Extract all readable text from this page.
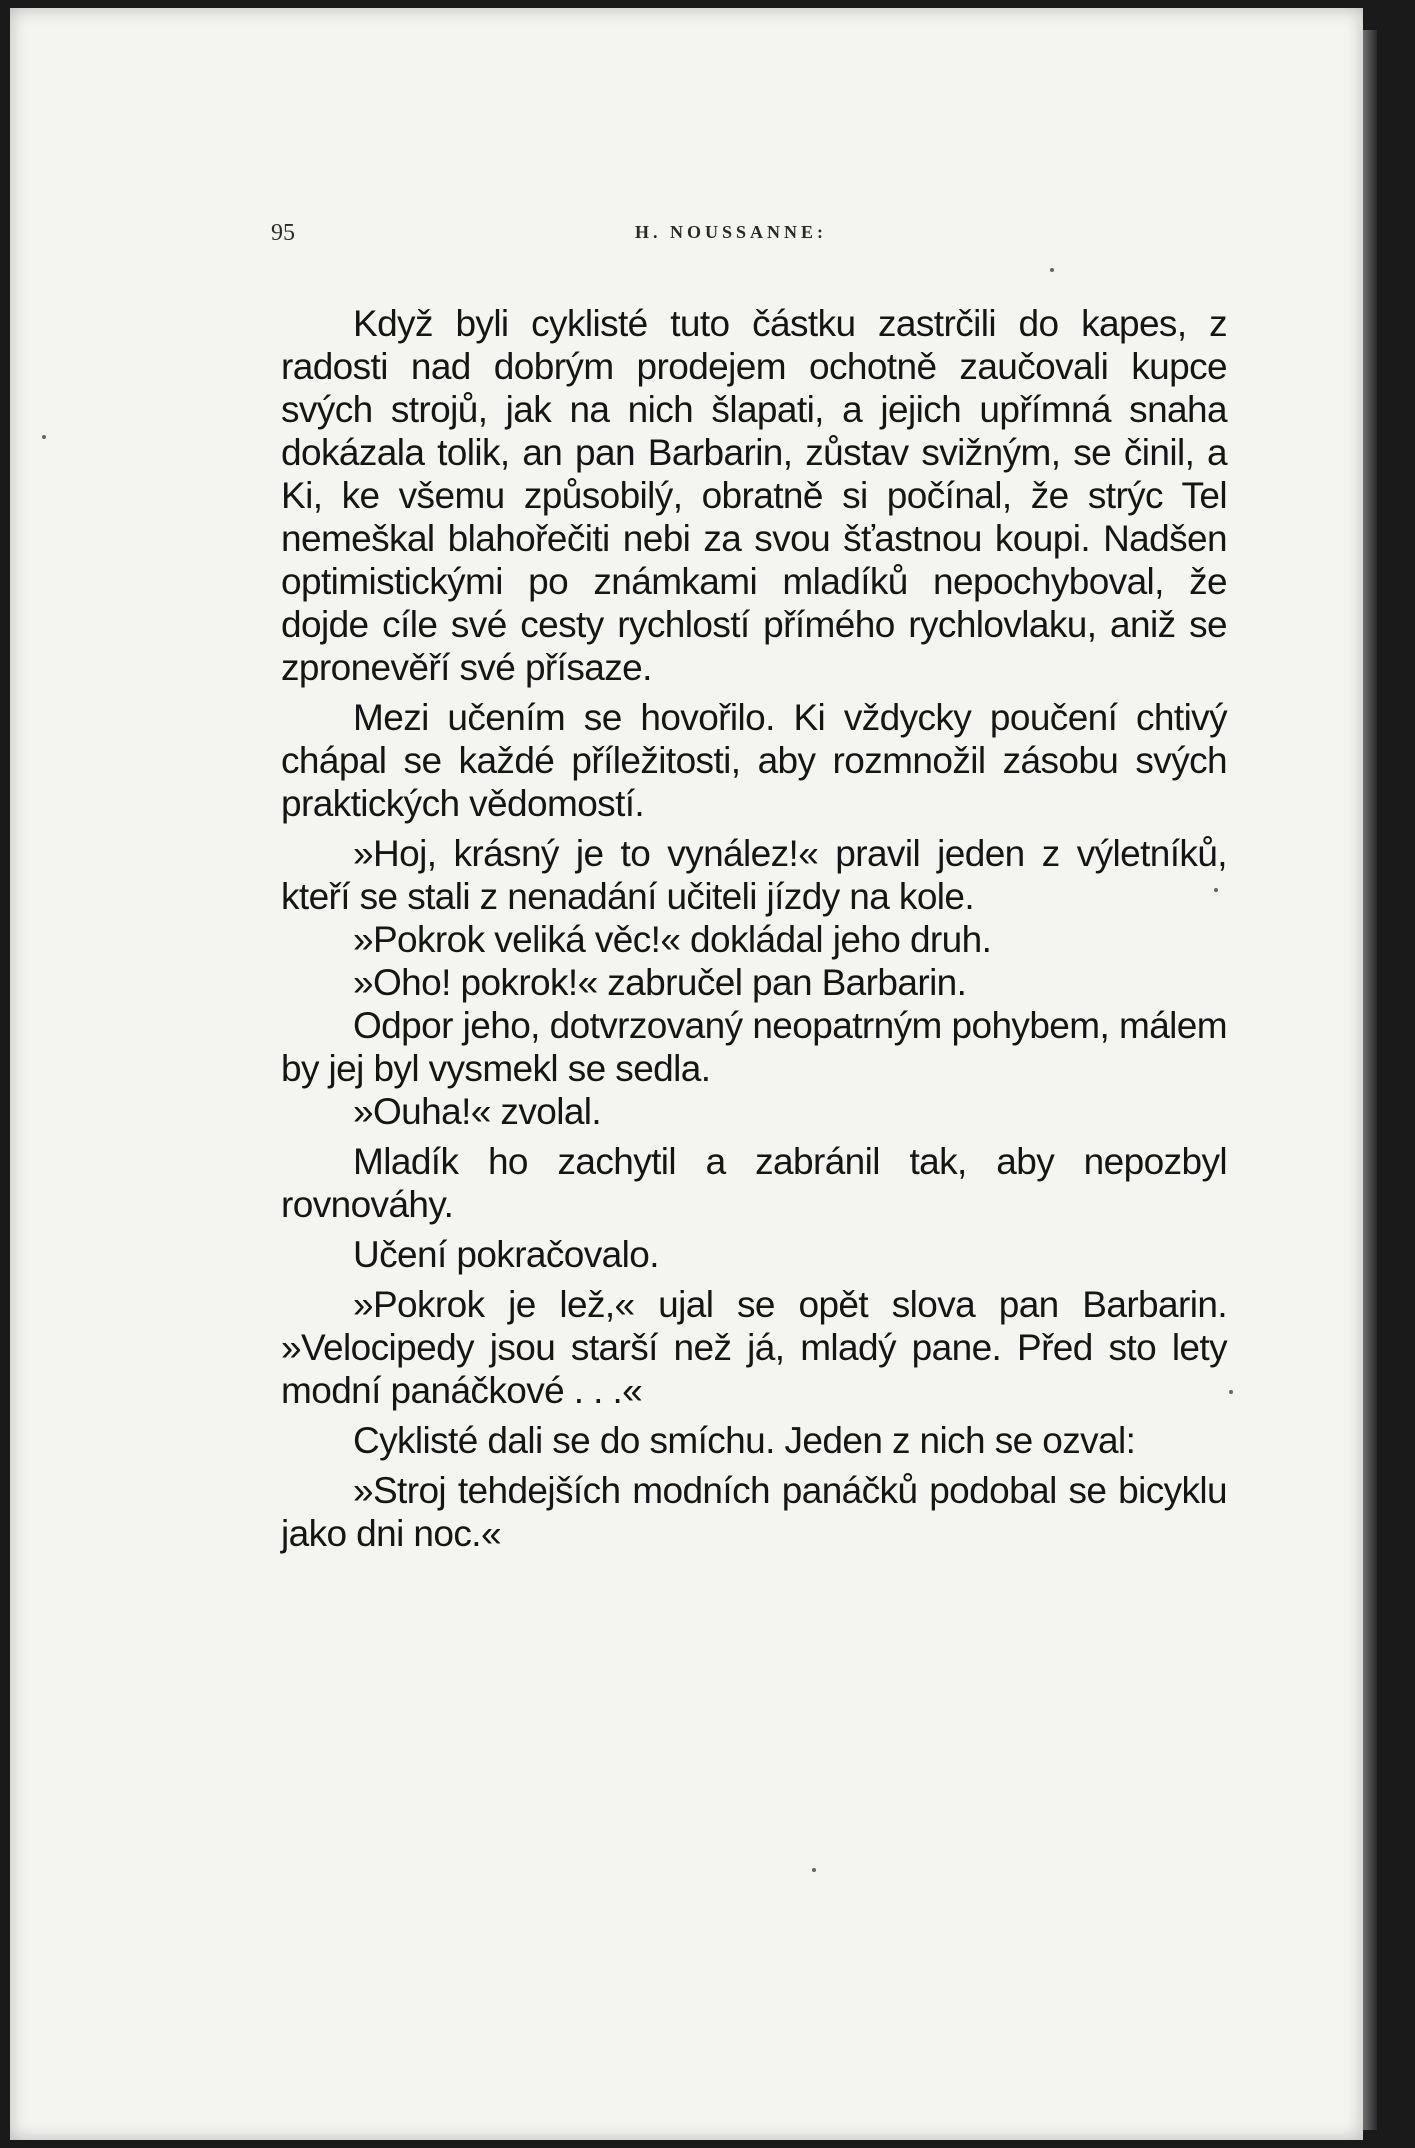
95	H. NOUSSANNE:

Když byli cyklisté tuto částku zastrčili do kapes, z radosti nad dobrým prodejem ochotně zaučovali kupce svých strojů, jak na nich šlapati, a jejich upřímná snaha dokázala tolik, an pan Barbarin, zůstav svižným, se činil, a Ki, ke všemu způsobilý, obratně si počínal, že strýc Tel nemeškal blahořečiti nebi za svou šťastnou koupi. Nadšen optimistickými po známkami mladíků nepochyboval, že dojde cíle své cesty rychlostí přímého rychlovlaku, aniž se zpronevěří své přísaze.

Mezi učením se hovořilo. Ki vždycky poučení chtivý chápal se každé příležitosti, aby rozmnožil zásobu svých praktických vědomostí.

»Hoj, krásný je to vynález!« pravil jeden z výletníků, kteří se stali z nenadání učiteli jízdy na kole.

»Pokrok veliká věc!« dokládal jeho druh.

»Oho! pokrok!« zabručel pan Barbarin.

Odpor jeho, dotvrzovaný neopatrným pohybem, málem by jej byl vysmekl se sedla.

»Ouha!« zvolal.

Mladík ho zachytil a zabránil tak, aby nepozbyl rovnováhy.

Učení pokračovalo.

»Pokrok je lež,« ujal se opět slova pan Barbarin. »Velocipedy jsou starší než já, mladý pane. Před sto lety modní panáčkové . . .«

Cyklisté dali se do smíchu. Jeden z nich se ozval:

»Stroj tehdejších modních panáčků podobal se bicyklu jako dni noc.«
